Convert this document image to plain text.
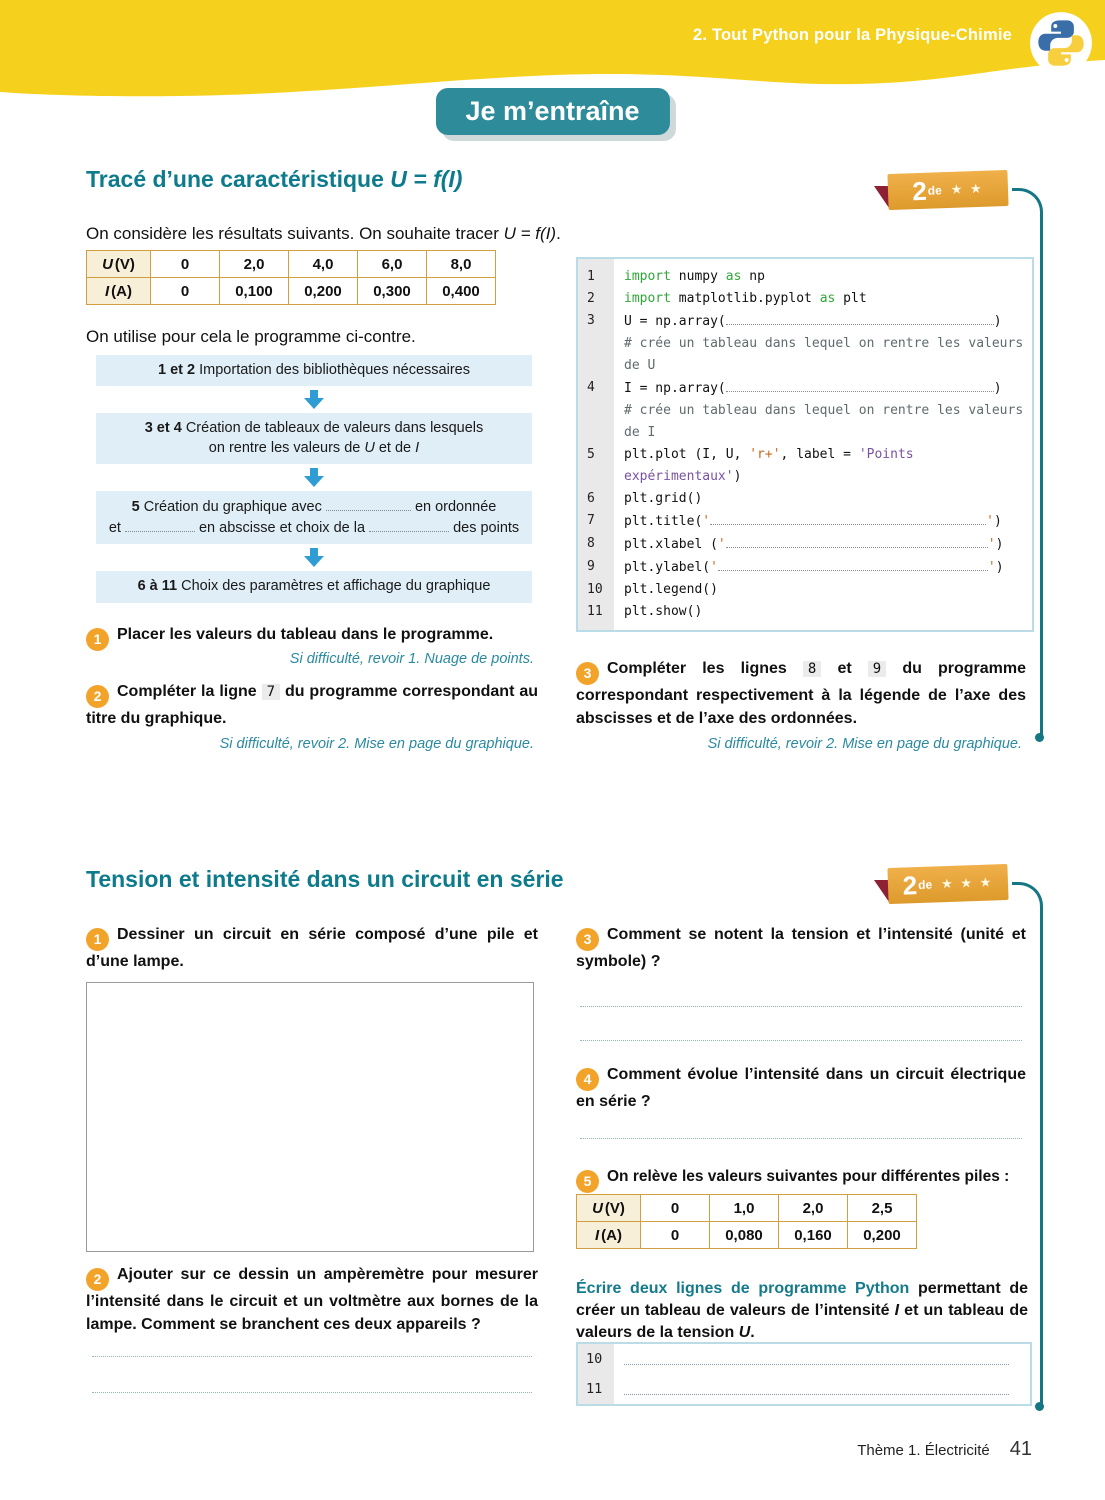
2. Tout Python pour la Physique-Chimie
Je m’entraîne
Tracé d’une caractéristique U = f(I)	2 de ★ ★

On considère les résultats suivants. On souhaite tracer U = f(I).

U (V)	0	2,0	4,0	6,0	8,0
I (A)	0	0,100	0,200	0,300	0,400

On utilise pour cela le programme ci-contre.

1 et 2 Importation des bibliothèques nécessaires
3 et 4 Création de tableaux de valeurs dans lesquels
on rentre les valeurs de U et de I
5 Création du graphique avec	en ordonnée
et	en abscisse et choix de la	des points
6 à 11 Choix des paramètres et affichage du graphique
1	import numpy as np
2	import matplotlib.pyplot as plt
3	U = np.array(	)
# crée un tableau dans lequel on rentre les valeurs de U
4	I = np.array(	)
# crée un tableau dans lequel on rentre les valeurs de I
5	plt.plot (I, U, 'r+', label = 'Points expérimentaux')
6	plt.grid()
7	plt.title('	')
8	plt.xlabel ('	')
9	plt.ylabel('	')
10	plt.legend()
11	plt.show()
1 Placer les valeurs du tableau dans le programme.
Si difficulté, revoir 1. Nuage de points.
2 Compléter la ligne 7 du programme correspondant au titre du graphique.
Si difficulté, revoir 2. Mise en page du graphique.
3 Compléter les lignes 8 et 9 du programme correspondant respectivement à la légende de l’axe des abscisses et de l’axe des ordonnées.
Si difficulté, revoir 2. Mise en page du graphique.
Tension et intensité dans un circuit en série	2 de ★ ★ ★
1 Dessiner un circuit en série composé d’une pile et d’une lampe.
2 Ajouter sur ce dessin un ampèremètre pour mesurer l’intensité dans le circuit et un voltmètre aux bornes de la lampe. Comment se branchent ces deux appareils ?
3 Comment se notent la tension et l’intensité (unité et symbole) ?
4 Comment évolue l’intensité dans un circuit électrique en série ?
5 On relève les valeurs suivantes pour différentes piles :
U (V)	0	1,0	2,0	2,5
I (A)	0	0,080	0,160	0,200

Écrire deux lignes de programme Python permettant de créer un tableau de valeurs de l’intensité I et un tableau de valeurs de la tension U.

10
11
Thème 1. Électricité 41
